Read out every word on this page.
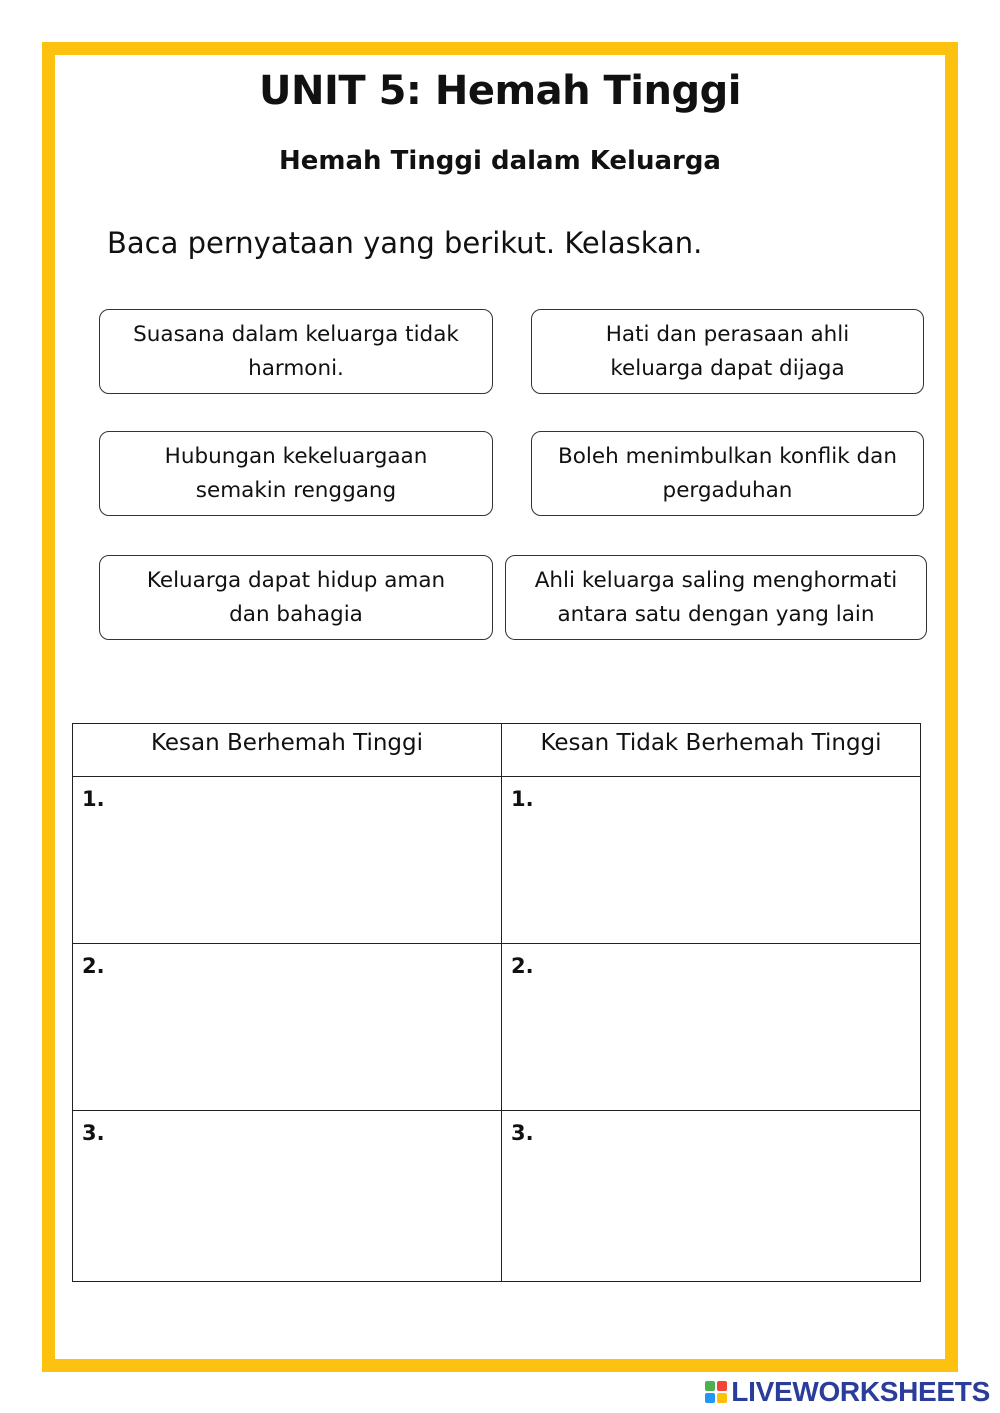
UNIT 5: Hemah Tinggi
Hemah Tinggi dalam Keluarga
Baca pernyataan yang berikut. Kelaskan.
Suasana dalam keluarga tidak
harmoni.
Hati dan perasaan ahli
keluarga dapat dijaga
Hubungan kekeluargaan
semakin renggang
Boleh menimbulkan konflik dan
pergaduhan
Keluarga dapat hidup aman
dan bahagia
Ahli keluarga saling menghormati
antara satu dengan yang lain
Kesan Berhemah Tinggi	Kesan Tidak Berhemah Tinggi
1.	1.
2.	2.
3.	3.
LIVEWORKSHEETS
